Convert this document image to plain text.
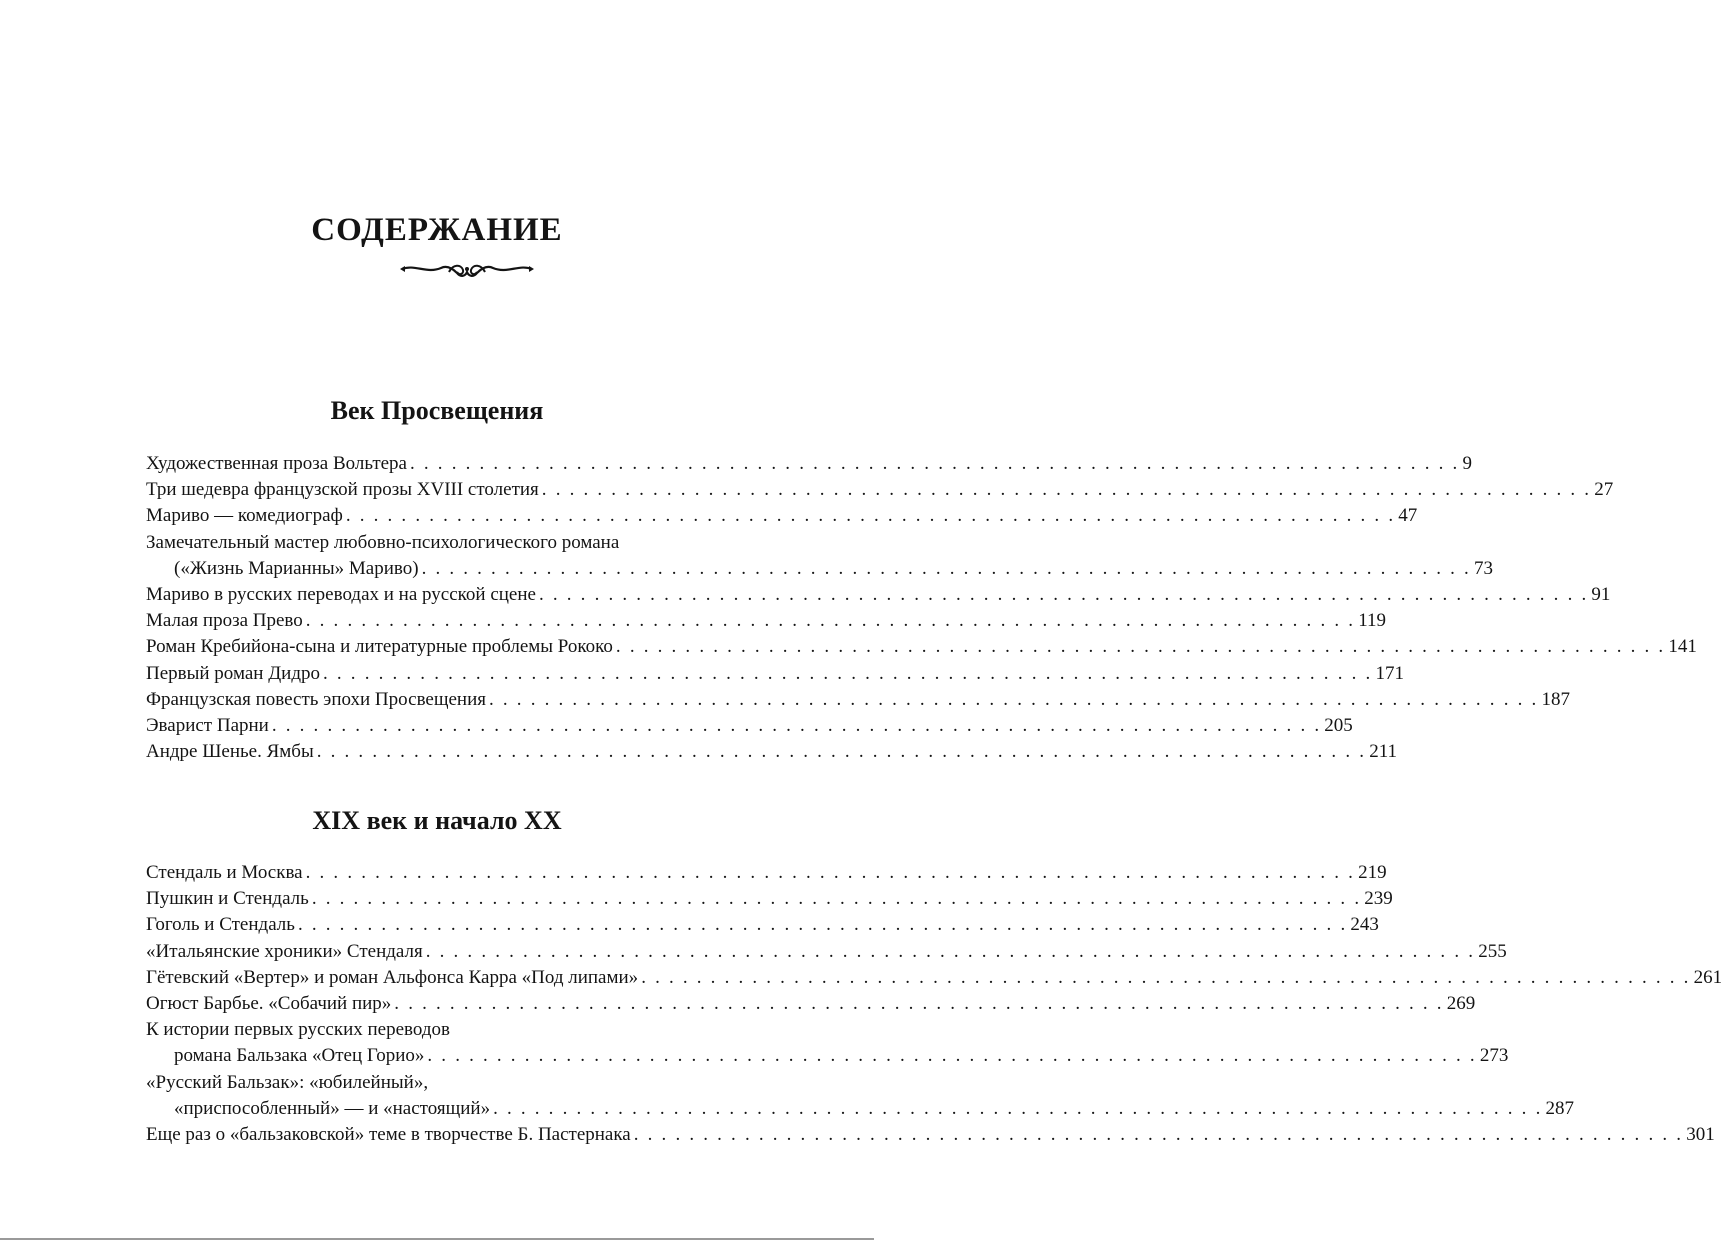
СОДЕРЖАНИЕ
Век Просвещения
Художественная проза Вольтера . . . . . . . . . . . . . . . . . . . . . . . . . . . . . . . . . . . . . . . . . . . . . . . . . . . . . . . . . . . . . . . . . . . . . . . . . . . . 9
Три шедевра французской прозы XVIII столетия . . . . . . . . . . . . . . . . . . . . . . . . . . . . . . . . . . . . . . . . . . . . . . . . . . . . . . . . . . . . . . . . . . . . . . . . . . . . 27
Мариво — комедиограф . . . . . . . . . . . . . . . . . . . . . . . . . . . . . . . . . . . . . . . . . . . . . . . . . . . . . . . . . . . . . . . . . . . . . . . . . . . . 47
Замечательный мастер любовно-психологического романа
(«Жизнь Марианны» Мариво) . . . . . . . . . . . . . . . . . . . . . . . . . . . . . . . . . . . . . . . . . . . . . . . . . . . . . . . . . . . . . . . . . . . . . . . . . . . . 73
Мариво в русских переводах и на русской сцене . . . . . . . . . . . . . . . . . . . . . . . . . . . . . . . . . . . . . . . . . . . . . . . . . . . . . . . . . . . . . . . . . . . . . . . . . . . . 91
Малая проза Прево . . . . . . . . . . . . . . . . . . . . . . . . . . . . . . . . . . . . . . . . . . . . . . . . . . . . . . . . . . . . . . . . . . . . . . . . . . . . 119
Роман Кребийона-сына и литературные проблемы Рококо . . . . . . . . . . . . . . . . . . . . . . . . . . . . . . . . . . . . . . . . . . . . . . . . . . . . . . . . . . . . . . . . . . . . . . . . . . . . 141
Первый роман Дидро . . . . . . . . . . . . . . . . . . . . . . . . . . . . . . . . . . . . . . . . . . . . . . . . . . . . . . . . . . . . . . . . . . . . . . . . . . . . 171
Французская повесть эпохи Просвещения . . . . . . . . . . . . . . . . . . . . . . . . . . . . . . . . . . . . . . . . . . . . . . . . . . . . . . . . . . . . . . . . . . . . . . . . . . . . 187
Эварист Парни . . . . . . . . . . . . . . . . . . . . . . . . . . . . . . . . . . . . . . . . . . . . . . . . . . . . . . . . . . . . . . . . . . . . . . . . . . . . 205
Андре Шенье. Ямбы . . . . . . . . . . . . . . . . . . . . . . . . . . . . . . . . . . . . . . . . . . . . . . . . . . . . . . . . . . . . . . . . . . . . . . . . . . . . 211
XIX век и начало XX
Стендаль и Москва . . . . . . . . . . . . . . . . . . . . . . . . . . . . . . . . . . . . . . . . . . . . . . . . . . . . . . . . . . . . . . . . . . . . . . . . . . . . 219
Пушкин и Стендаль . . . . . . . . . . . . . . . . . . . . . . . . . . . . . . . . . . . . . . . . . . . . . . . . . . . . . . . . . . . . . . . . . . . . . . . . . . . . 239
Гоголь и Стендаль . . . . . . . . . . . . . . . . . . . . . . . . . . . . . . . . . . . . . . . . . . . . . . . . . . . . . . . . . . . . . . . . . . . . . . . . . . . . 243
«Итальянские хроники» Стендаля . . . . . . . . . . . . . . . . . . . . . . . . . . . . . . . . . . . . . . . . . . . . . . . . . . . . . . . . . . . . . . . . . . . . . . . . . . . . 255
Гётевский «Вертер» и роман Альфонса Карра «Под липами» . . . . . . . . . . . . . . . . . . . . . . . . . . . . . . . . . . . . . . . . . . . . . . . . . . . . . . . . . . . . . . . . . . . . . . . . . . . . 261
Огюст Барбье. «Собачий пир» . . . . . . . . . . . . . . . . . . . . . . . . . . . . . . . . . . . . . . . . . . . . . . . . . . . . . . . . . . . . . . . . . . . . . . . . . . . . 269
К истории первых русских переводов
романа Бальзака «Отец Горио» . . . . . . . . . . . . . . . . . . . . . . . . . . . . . . . . . . . . . . . . . . . . . . . . . . . . . . . . . . . . . . . . . . . . . . . . . . . . 273
«Русский Бальзак»: «юбилейный»,
«приспособленный» — и «настоящий» . . . . . . . . . . . . . . . . . . . . . . . . . . . . . . . . . . . . . . . . . . . . . . . . . . . . . . . . . . . . . . . . . . . . . . . . . . . . 287
Еще раз о «бальзаковской» теме в творчестве Б. Пастернака . . . . . . . . . . . . . . . . . . . . . . . . . . . . . . . . . . . . . . . . . . . . . . . . . . . . . . . . . . . . . . . . . . . . . . . . . . . . 301
